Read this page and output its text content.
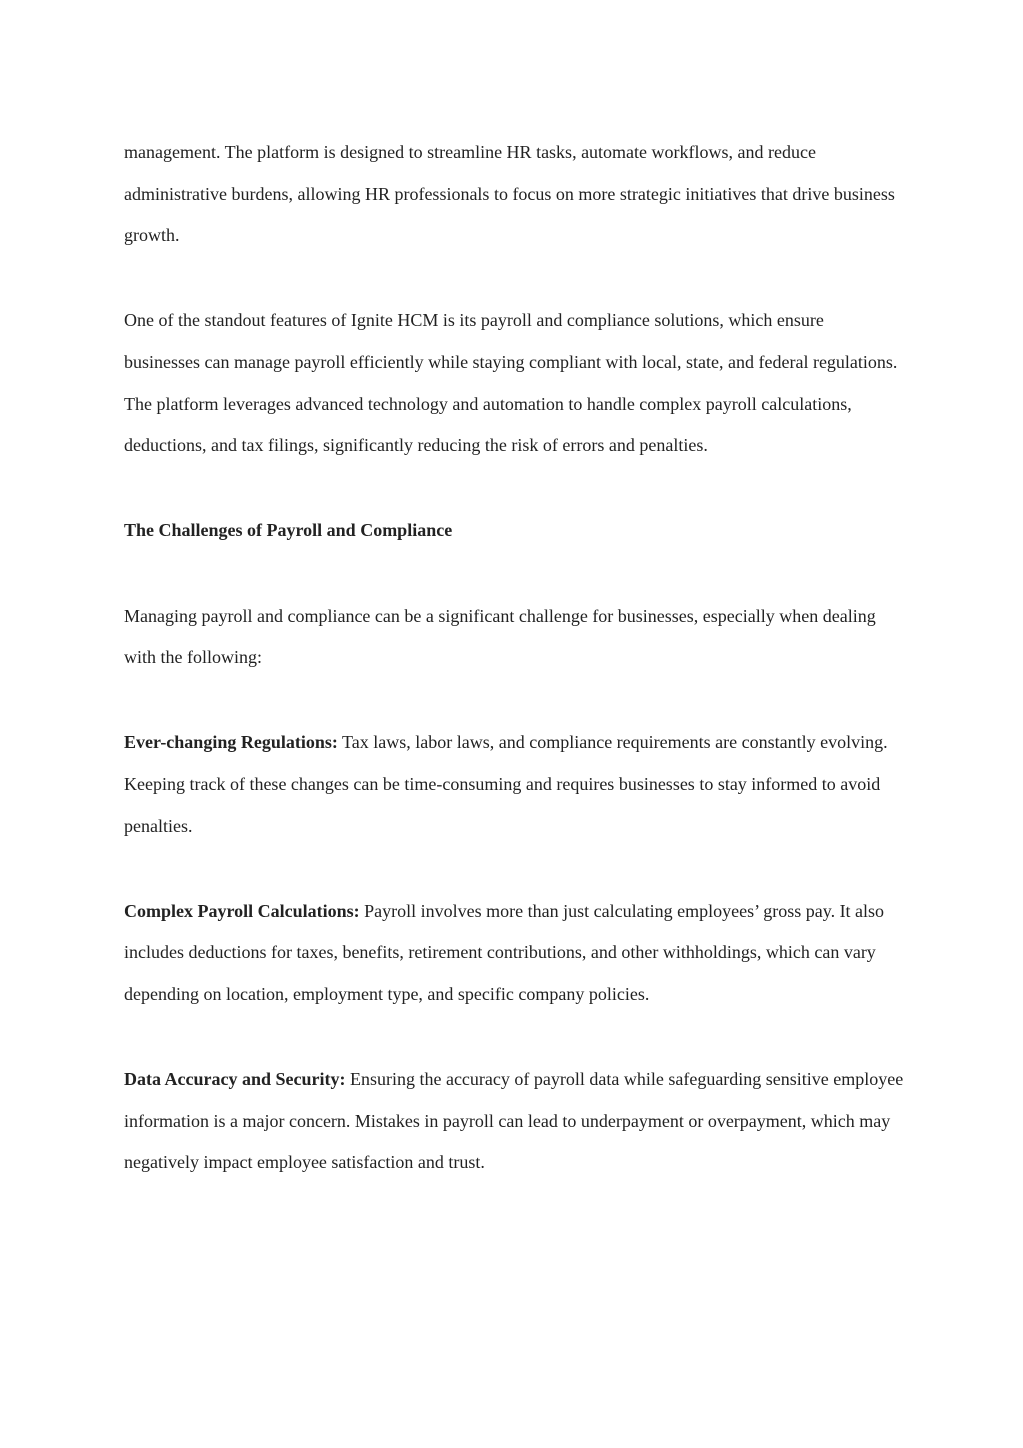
management. The platform is designed to streamline HR tasks, automate workflows, and reduce administrative burdens, allowing HR professionals to focus on more strategic initiatives that drive business growth.

One of the standout features of Ignite HCM is its payroll and compliance solutions, which ensure businesses can manage payroll efficiently while staying compliant with local, state, and federal regulations. The platform leverages advanced technology and automation to handle complex payroll calculations, deductions, and tax filings, significantly reducing the risk of errors and penalties.

The Challenges of Payroll and Compliance

Managing payroll and compliance can be a significant challenge for businesses, especially when dealing with the following:

Ever-changing Regulations: Tax laws, labor laws, and compliance requirements are constantly evolving. Keeping track of these changes can be time-consuming and requires businesses to stay informed to avoid penalties.

Complex Payroll Calculations: Payroll involves more than just calculating employees’ gross pay. It also includes deductions for taxes, benefits, retirement contributions, and other withholdings, which can vary depending on location, employment type, and specific company policies.

Data Accuracy and Security: Ensuring the accuracy of payroll data while safeguarding sensitive employee information is a major concern. Mistakes in payroll can lead to underpayment or overpayment, which may negatively impact employee satisfaction and trust.
